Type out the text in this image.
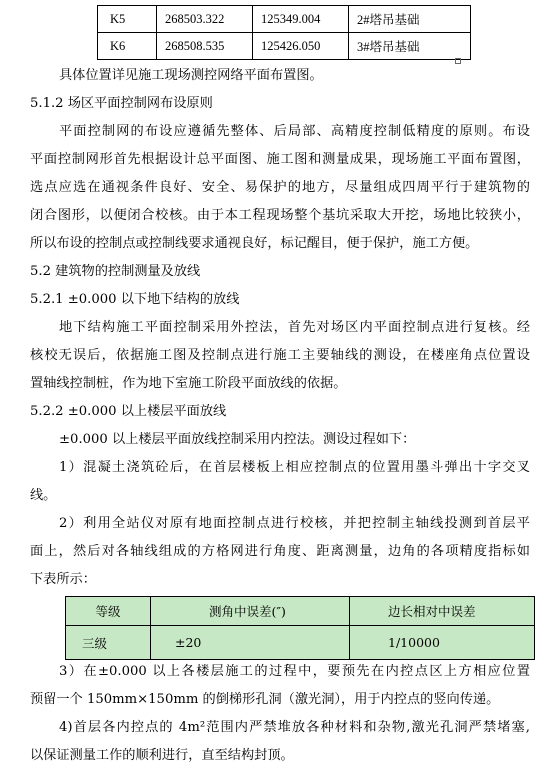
K5	268503.322	125349.004	2#塔吊基础
K6	268508.535	125426.050	3#塔吊基础
具体位置详见施工现场测控网络平面布置图。
5.1.2 场区平面控制网布设原则
平面控制网的布设应遵循先整体、后局部、高精度控制低精度的原则。布设
平面控制网形首先根据设计总平面图、施工图和测量成果，现场施工平面布置图，
选点应选在通视条件良好、安全、易保护的地方，尽量组成四周平行于建筑物的
闭合图形，以便闭合校核。由于本工程现场整个基坑采取大开挖，场地比较狭小，
所以布设的控制点或控制线要求通视良好，标记醒目，便于保护，施工方便。
5.2 建筑物的控制测量及放线
5.2.1 ±0.000 以下地下结构的放线
地下结构施工平面控制采用外控法，首先对场区内平面控制点进行复核。经
核校无误后，依据施工图及控制点进行施工主要轴线的测设，在楼座角点位置设
置轴线控制桩，作为地下室施工阶段平面放线的依据。
5.2.2 ±0.000 以上楼层平面放线
±0.000 以上楼层平面放线控制采用内控法。测设过程如下：
1）混凝土浇筑砼后，在首层楼板上相应控制点的位置用墨斗弹出十字交叉
线。
2）利用全站仪对原有地面控制点进行校核，并把控制主轴线投测到首层平
面上，然后对各轴线组成的方格网进行角度、距离测量，边角的各项精度指标如
下表所示：
等级	测角中误差(″)	边长相对中误差
三级	±20	1/10000
3）在±0.000 以上各楼层施工的过程中，要预先在内控点区上方相应位置
预留一个 150mm×150mm 的倒梯形孔洞（激光洞），用于内控点的竖向传递。
4)首层各内控点的 4m²范围内严禁堆放各种材料和杂物,激光孔洞严禁堵塞,
以保证测量工作的顺利进行，直至结构封顶。
